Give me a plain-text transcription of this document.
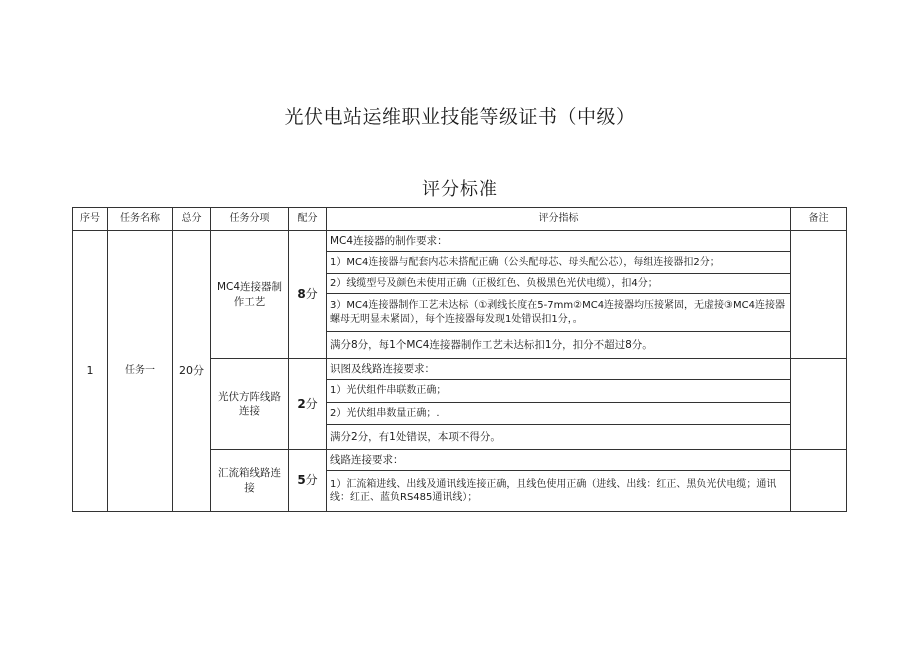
光伏电站运维职业技能等级证书（中级）
评分标准
序号	任务名称	总分	任务分项	配分	评分指标	备注
1	任务一	20分	MC4连接器制作工艺	8分	MC4连接器的制作要求：	
					1）MC4连接器与配套内芯未搭配正确（公头配母芯、母头配公芯），每组连接器扣2分；	
					2）线缆型号及颜色未使用正确（正极红色、负极黑色光伏电缆），扣4分；	
					3）MC4连接器制作工艺未达标（①剥线长度在5-7mm②MC4连接器均压接紧固，无虚接③MC4连接器螺母无明显未紧固），每个连接器每发现1处错误扣1分，。	
					满分8分，每1个MC4连接器制作工艺未达标扣1分，扣分不超过8分。	
			光伏方阵线路连接	2分	识图及线路连接要求：	
					1）光伏组件串联数正确；	
					2）光伏组串数量正确；.	
					满分2分，有1处错误，本项不得分。	
			汇流箱线路连接	5分	线路连接要求：	
					1）汇流箱进线、出线及通讯线连接正确，且线色使用正确（进线、出线：红正、黑负光伏电缆；通讯线：红正、蓝负RS485通讯线）；	
